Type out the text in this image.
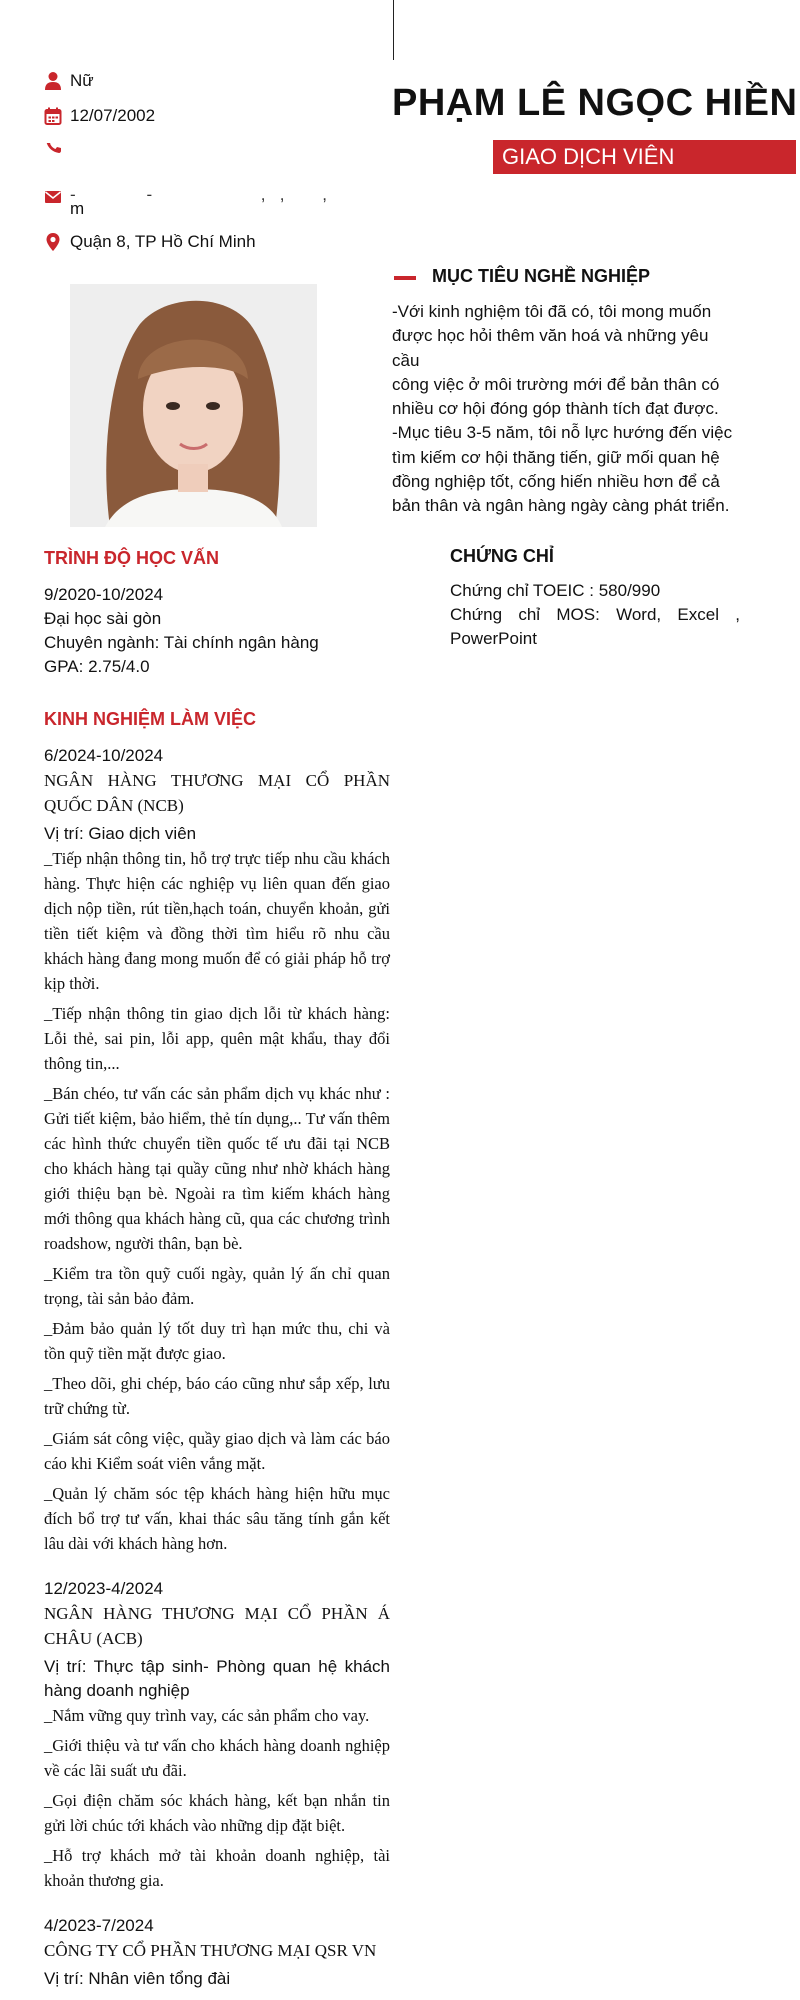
Nữ
12/07/2002
-               -                       ,   ,        ,
m
Quận 8, TP Hồ Chí Minh
PHẠM LÊ NGỌC HIỀN
GIAO DỊCH VIÊN
MỤC TIÊU NGHỀ NGHIỆP
-Với kinh nghiệm tôi đã có, tôi mong muốn
được học hỏi thêm văn hoá và những yêu cầu
công việc ở môi trường mới để bản thân có
nhiều cơ hội đóng góp thành tích đạt được.
-Mục tiêu 3-5 năm, tôi nỗ lực hướng đến việc
tìm kiếm cơ hội thăng tiến, giữ mối quan hệ
đồng nghiệp tốt, cống hiến nhiều hơn để cả
bản thân và ngân hàng ngày càng phát triển.
TRÌNH ĐỘ HỌC VẤN
9/2020-10/2024
Đại học sài gòn
Chuyên ngành: Tài chính ngân hàng
GPA: 2.75/4.0
CHỨNG CHỈ
Chứng chỉ TOEIC : 580/990
Chứng chỉ MOS: Word, Excel ,
PowerPoint
KINH NGHIỆM LÀM VIỆC
6/2024-10/2024
NGÂN HÀNG THƯƠNG MẠI CỔ PHẦN QUỐC DÂN (NCB)
Vị trí: Giao dịch viên
_Tiếp nhận thông tin, hỗ trợ trực tiếp nhu cầu khách hàng. Thực hiện các nghiệp vụ liên quan đến giao dịch nộp tiền, rút tiền,hạch toán, chuyển khoản, gửi tiền tiết kiệm và đồng thời tìm hiểu rõ nhu cầu khách hàng đang mong muốn để có giải pháp hỗ trợ kịp thời.
_Tiếp nhận thông tin giao dịch lỗi từ khách hàng: Lỗi thẻ, sai pin, lỗi app, quên mật khẩu, thay đổi thông tin,...
_Bán chéo, tư vấn các sản phẩm dịch vụ khác như : Gửi tiết kiệm, bảo hiểm, thẻ tín dụng,.. Tư vấn thêm các hình thức chuyển tiền quốc tế ưu đãi tại NCB cho khách hàng tại quầy cũng như nhờ khách hàng giới thiệu bạn bè. Ngoài ra tìm kiếm khách hàng mới thông qua khách hàng cũ, qua các chương trình roadshow, người thân, bạn bè.
_Kiểm tra tồn quỹ cuối ngày, quản lý ấn chỉ quan trọng, tài sản bảo đảm.
_Đảm bảo quản lý tốt duy trì hạn mức thu, chi và tồn quỹ tiền mặt được giao.
_Theo dõi, ghi chép, báo cáo cũng như sắp xếp, lưu trữ chứng từ.
_Giám sát công việc, quầy giao dịch và làm các báo cáo khi Kiểm soát viên vắng mặt.
_Quản lý chăm sóc tệp khách hàng hiện hữu mục đích bổ trợ tư vấn, khai thác sâu tăng tính gắn kết lâu dài với khách hàng hơn.
12/2023-4/2024
NGÂN HÀNG THƯƠNG MẠI CỔ PHẦN Á CHÂU (ACB)
Vị trí: Thực tập sinh- Phòng quan hệ khách hàng doanh nghiệp
_Nắm vững quy trình vay, các sản phẩm cho vay.
_Giới thiệu và tư vấn cho khách hàng doanh nghiệp về các lãi suất ưu đãi.
_Gọi điện chăm sóc khách hàng, kết bạn nhắn tin gửi lời chúc tới khách vào những dịp đặt biệt.
_Hỗ trợ khách mở tài khoản doanh nghiệp, tài khoản thương gia.
4/2023-7/2024
CÔNG TY CỔ PHẦN THƯƠNG MẠI QSR VN
Vị trí: Nhân viên tổng đài
